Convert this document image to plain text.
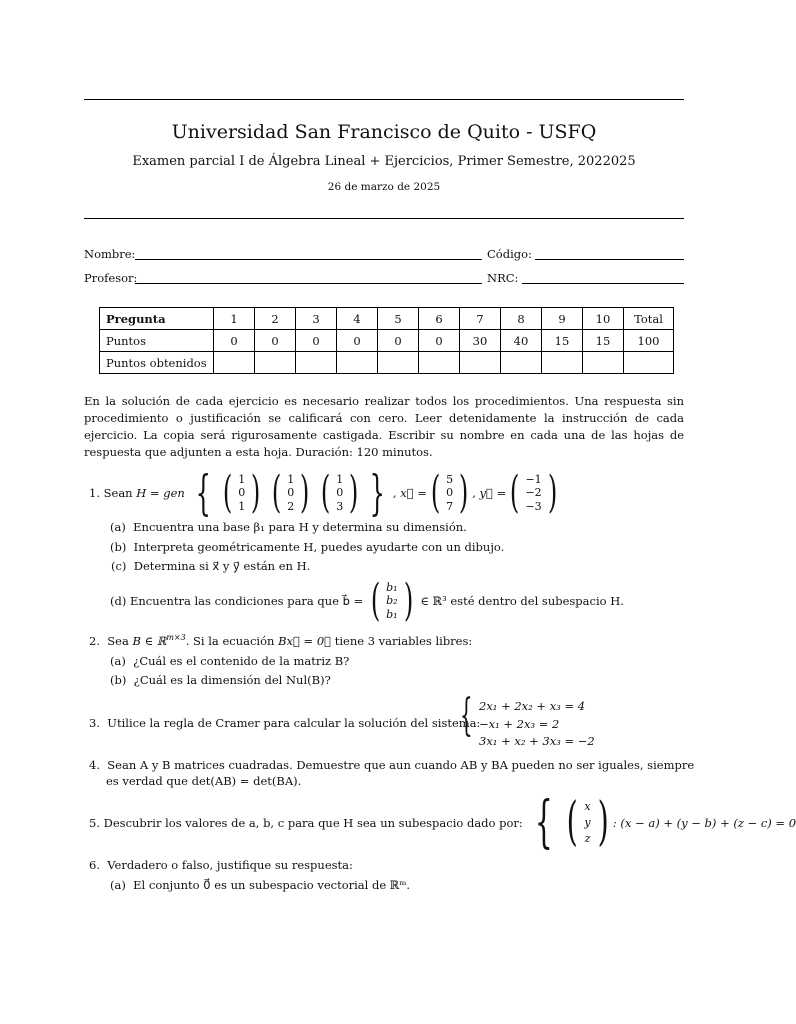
Universidad San Francisco de Quito - USFQ
Examen parcial I de Álgebra Lineal + Ejercicios, Primer Semestre, 2022025
26 de marzo de 2025
Nombre:	Código:
Profesor:	NRC:
Pregunta	1	2	3	4	5	6	7	8	9	10	Total
Puntos	0	0	0	0	0	0	30	40	15	15	100
Puntos obtenidos											
En la solución de cada ejercicio es necesario realizar todos los procedimientos. Una respuesta sin procedimiento o justificación se calificará con cero. Leer detenidamente la instrucción de cada ejercicio. La copia será rigurosamente castigada. Escribir su nombre en cada una de las hojas de respuesta que adjunten a esta hoja. Duración: 120 minutos.
1.
Sean
H = gen
{ ( 1
0
1 )
( 1
0
2 )
( 1
0
3 ) } , x⃗ = ( 5
0
7 ) , y⃗ = ( −1
−2
−3 )
(a) Encuentra una base β₁ para H y determina su dimensión.
(b) Interpreta geométricamente H, puedes ayudarte con un dibujo.
(c) Determina si x⃗ y y⃗ están en H.
(d)
Encuentra las condiciones para que b⃗ =
( b₁
b₂
b₁ )
∈ ℝ³ esté dentro del subespacio H.
2. Sea B ∈ ℝ$^{m\times 3}$. Si la ecuación Bx⃗ = 0⃗ tiene 3 variables libres:
(a) ¿Cuál es el contenido de la matriz B?
(b) ¿Cuál es la dimensión del Nul(B)?
3. Utilice la regla de Cramer para calcular la solución del sistema:
{ 2x₁ + 2x₂ + x₃ = 4
−x₁ + 2x₃ = 2
3x₁ + x₂ + 3x₃ = −2
4. Sean A y B matrices cuadradas. Demuestre que aun cuando AB y BA pueden no ser iguales, siempre
es verdad que det(AB) = det(BA).
5.
Descubrir los valores de a, b, c para que H sea un subespacio dado por:
{ ( x
y
z ) : (x − a) + (y − b) + (z − c) = 0
6. Verdadero o falso, justifique su respuesta:
(a) El conjunto 0⃗ es un subespacio vectorial de ℝᵐ.
